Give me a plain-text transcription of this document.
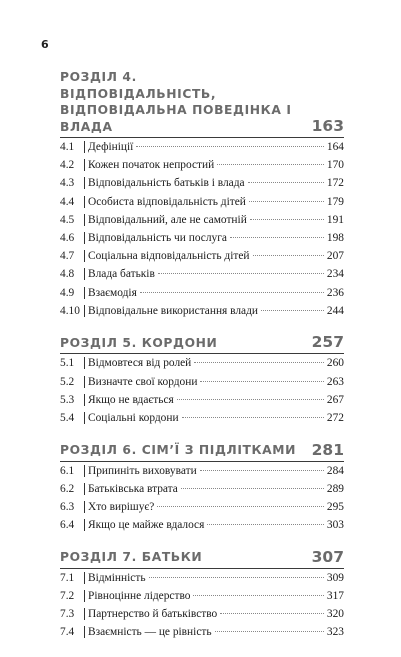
6
РОЗДІЛ 4. ВІДПОВІДАЛЬНІСТЬ, ВІДПОВІДАЛЬНА ПОВЕДІНКА І ВЛАДА	163
4.1	Дефініції	164
4.2	Кожен початок непростий	170
4.3	Відповідальність батьків і влада	172
4.4	Особиста відповідальність дітей	179
4.5	Відповідальний, але не самотній	191
4.6	Відповідальність чи послуга	198
4.7	Соціальна відповідальність дітей	207
4.8	Влада батьків	234
4.9	Взаємодія	236
4.10 Відповідальне використання влади	244
РОЗДІЛ 5. КОРДОНИ	257
5.1	Відмовтеся від ролей	260
5.2	Визначте свої кордони	263
5.3	Якщо не вдається	267
5.4	Соціальні кордони	272
РОЗДІЛ 6. СІМ’Ї З ПІДЛІТКАМИ	281
6.1	Припиніть виховувати	284
6.2	Батьківська втрата	289
6.3	Хто вирішує?	295
6.4	Якщо це майже вдалося	303
РОЗДІЛ 7. БАТЬКИ	307
7.1	Відмінність	309
7.2	Рівноцінне лідерство	317
7.3	Партнерство й батьківство	320
7.4	Взаємність — це рівність	323
